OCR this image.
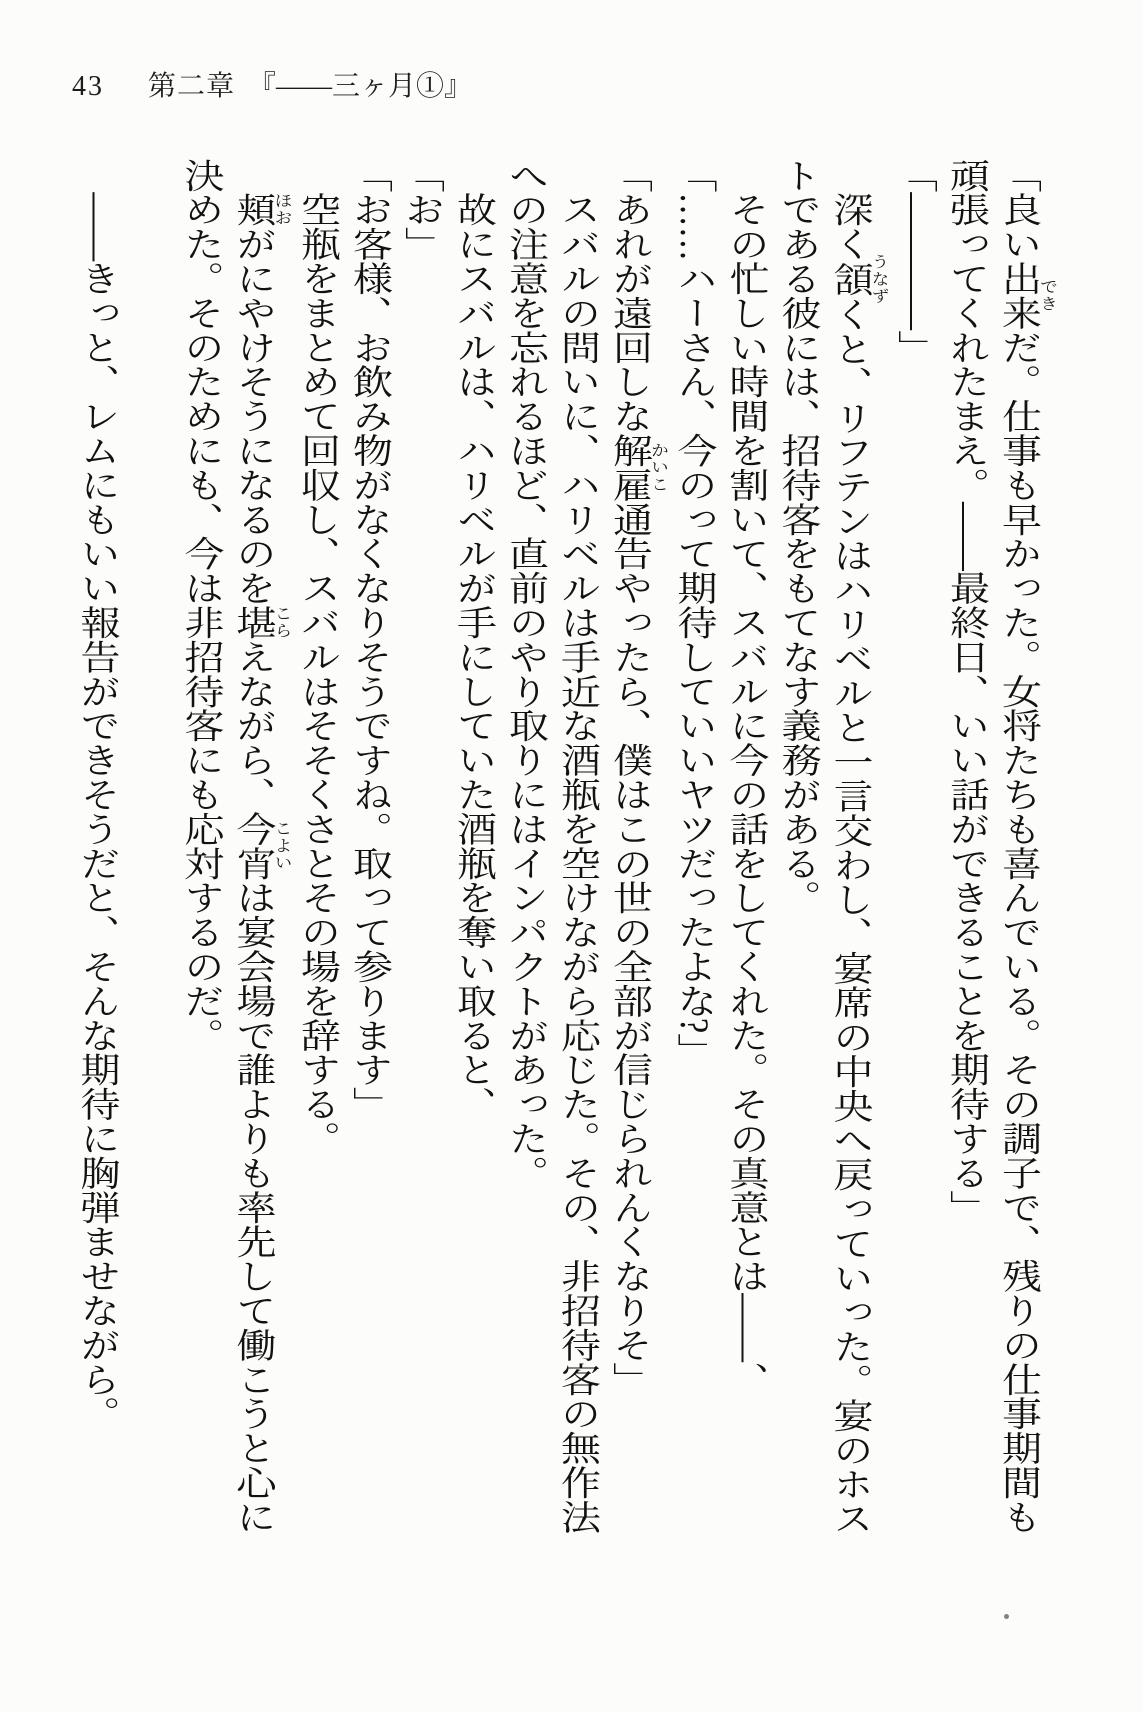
43 第二章 『――三ヶ月①』
「良い出来できだ。仕事も早かった。女将たちも喜んでいる。その調子で、残りの仕事期間も
頑張ってくれたまえ。――最終日、いい話ができることを期待する」
「――――」
深く頷うなずくと、リフテンはハリベルと一言交わし、宴席の中央へ戻っていった。宴のホス
トである彼には、招待客をもてなす義務がある。
その忙しい時間を割いて、スバルに今の話をしてくれた。その真意とは――、
「……ハーさん、今のって期待していいヤツだったよな?」
「あれが遠回しな解雇かいこ通告やったら、僕はこの世の全部が信じられんくなりそ」
スバルの問いに、ハリベルは手近な酒瓶を空けながら応じた。その、非招待客の無作法
への注意を忘れるほど、直前のやり取りにはインパクトがあった。
故にスバルは、ハリベルが手にしていた酒瓶を奪い取ると、
「お」
「お客様、お飲み物がなくなりそうですね。取って参ります」
空瓶をまとめて回収し、スバルはそそくさとその場を辞する。
頬ほおがにやけそうになるのを堪こらえながら、今宵こよいは宴会場で誰よりも率先して働こうと心に
決めた。そのためにも、今は非招待客にも応対するのだ。

――きっと、レムにもいい報告ができそうだと、そんな期待に胸弾ませながら。
